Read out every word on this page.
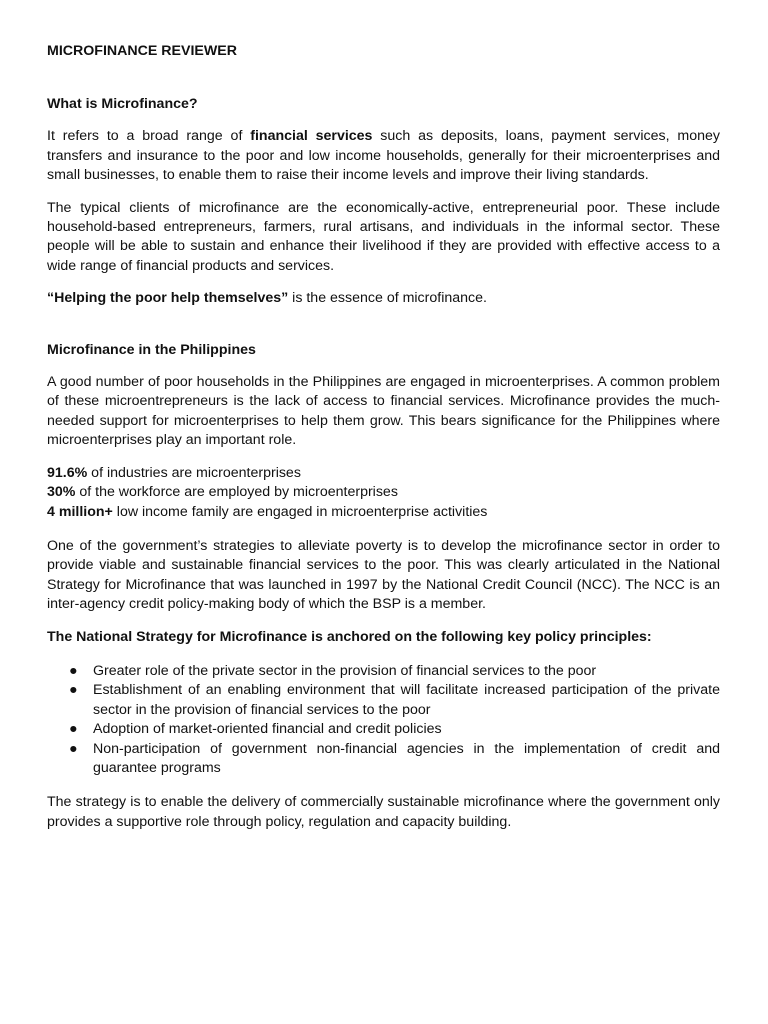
MICROFINANCE REVIEWER
What is Microfinance?

It refers to a broad range of financial services such as deposits, loans, payment services, money transfers and insurance to the poor and low income households, generally for their microenterprises and small businesses, to enable them to raise their income levels and improve their living standards.

The typical clients of microfinance are the economically-active, entrepreneurial poor. These include household-based entrepreneurs, farmers, rural artisans, and individuals in the informal sector. These people will be able to sustain and enhance their livelihood if they are provided with effective access to a wide range of financial products and services.

“Helping the poor help themselves” is the essence of microfinance.

Microfinance in the Philippines

A good number of poor households in the Philippines are engaged in microenterprises. A common problem of these microentrepreneurs is the lack of access to financial services. Microfinance provides the much-needed support for microenterprises to help them grow. This bears significance for the Philippines where microenterprises play an important role.

91.6% of industries are microenterprises
30% of the workforce are employed by microenterprises
4 million+ low income family are engaged in microenterprise activities

One of the government’s strategies to alleviate poverty is to develop the microfinance sector in order to provide viable and sustainable financial services to the poor. This was clearly articulated in the National Strategy for Microfinance that was launched in 1997 by the National Credit Council (NCC). The NCC is an inter-agency credit policy-making body of which the BSP is a member.

The National Strategy for Microfinance is anchored on the following key policy principles:
● Greater role of the private sector in the provision of financial services to the poor
● Establishment of an enabling environment that will facilitate increased participation of the private sector in the provision of financial services to the poor
● Adoption of market-oriented financial and credit policies
● Non-participation of government non-financial agencies in the implementation of credit and guarantee programs

The strategy is to enable the delivery of commercially sustainable microfinance where the government only provides a supportive role through policy, regulation and capacity building.
